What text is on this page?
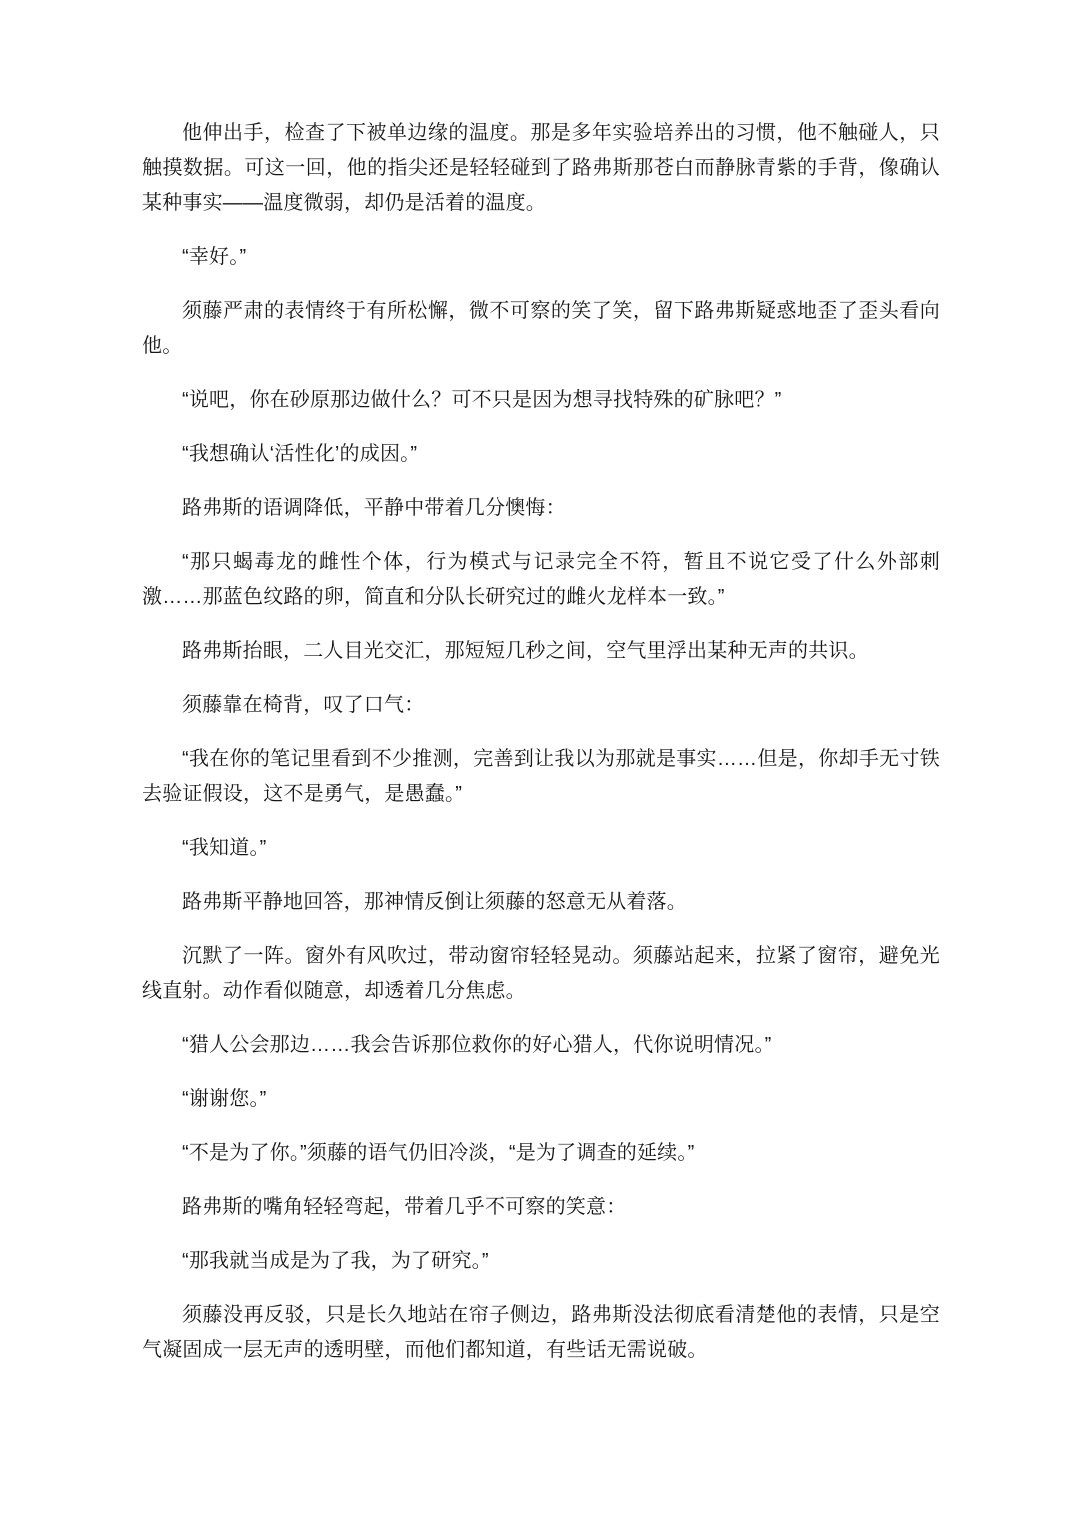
他伸出手，检查了下被单边缘的温度。那是多年实验培养出的习惯，他不触碰人，只触摸数据。可这一回，他的指尖还是轻轻碰到了路弗斯那苍白而静脉青紫的手背，像确认某种事实——温度微弱，却仍是活着的温度。

“幸好。”

须藤严肃的表情终于有所松懈，微不可察的笑了笑，留下路弗斯疑惑地歪了歪头看向他。

“说吧，你在砂原那边做什么？可不只是因为想寻找特殊的矿脉吧？”

“我想确认‘活性化’的成因。”

路弗斯的语调降低，平静中带着几分懊悔：

“那只蝎毒龙的雌性个体，行为模式与记录完全不符，暂且不说它受了什么外部刺激……那蓝色纹路的卵，简直和分队长研究过的雌火龙样本一致。”

路弗斯抬眼，二人目光交汇，那短短几秒之间，空气里浮出某种无声的共识。

须藤靠在椅背，叹了口气：

“我在你的笔记里看到不少推测，完善到让我以为那就是事实……但是，你却手无寸铁去验证假设，这不是勇气，是愚蠢。”

“我知道。”

路弗斯平静地回答，那神情反倒让须藤的怒意无从着落。

沉默了一阵。窗外有风吹过，带动窗帘轻轻晃动。须藤站起来，拉紧了窗帘，避免光线直射。动作看似随意，却透着几分焦虑。

“猎人公会那边……我会告诉那位救你的好心猎人，代你说明情况。”

“谢谢您。”

“不是为了你。”须藤的语气仍旧冷淡，“是为了调查的延续。”

路弗斯的嘴角轻轻弯起，带着几乎不可察的笑意：

“那我就当成是为了我，为了研究。”

须藤没再反驳，只是长久地站在帘子侧边，路弗斯没法彻底看清楚他的表情，只是空气凝固成一层无声的透明壁，而他们都知道，有些话无需说破。
